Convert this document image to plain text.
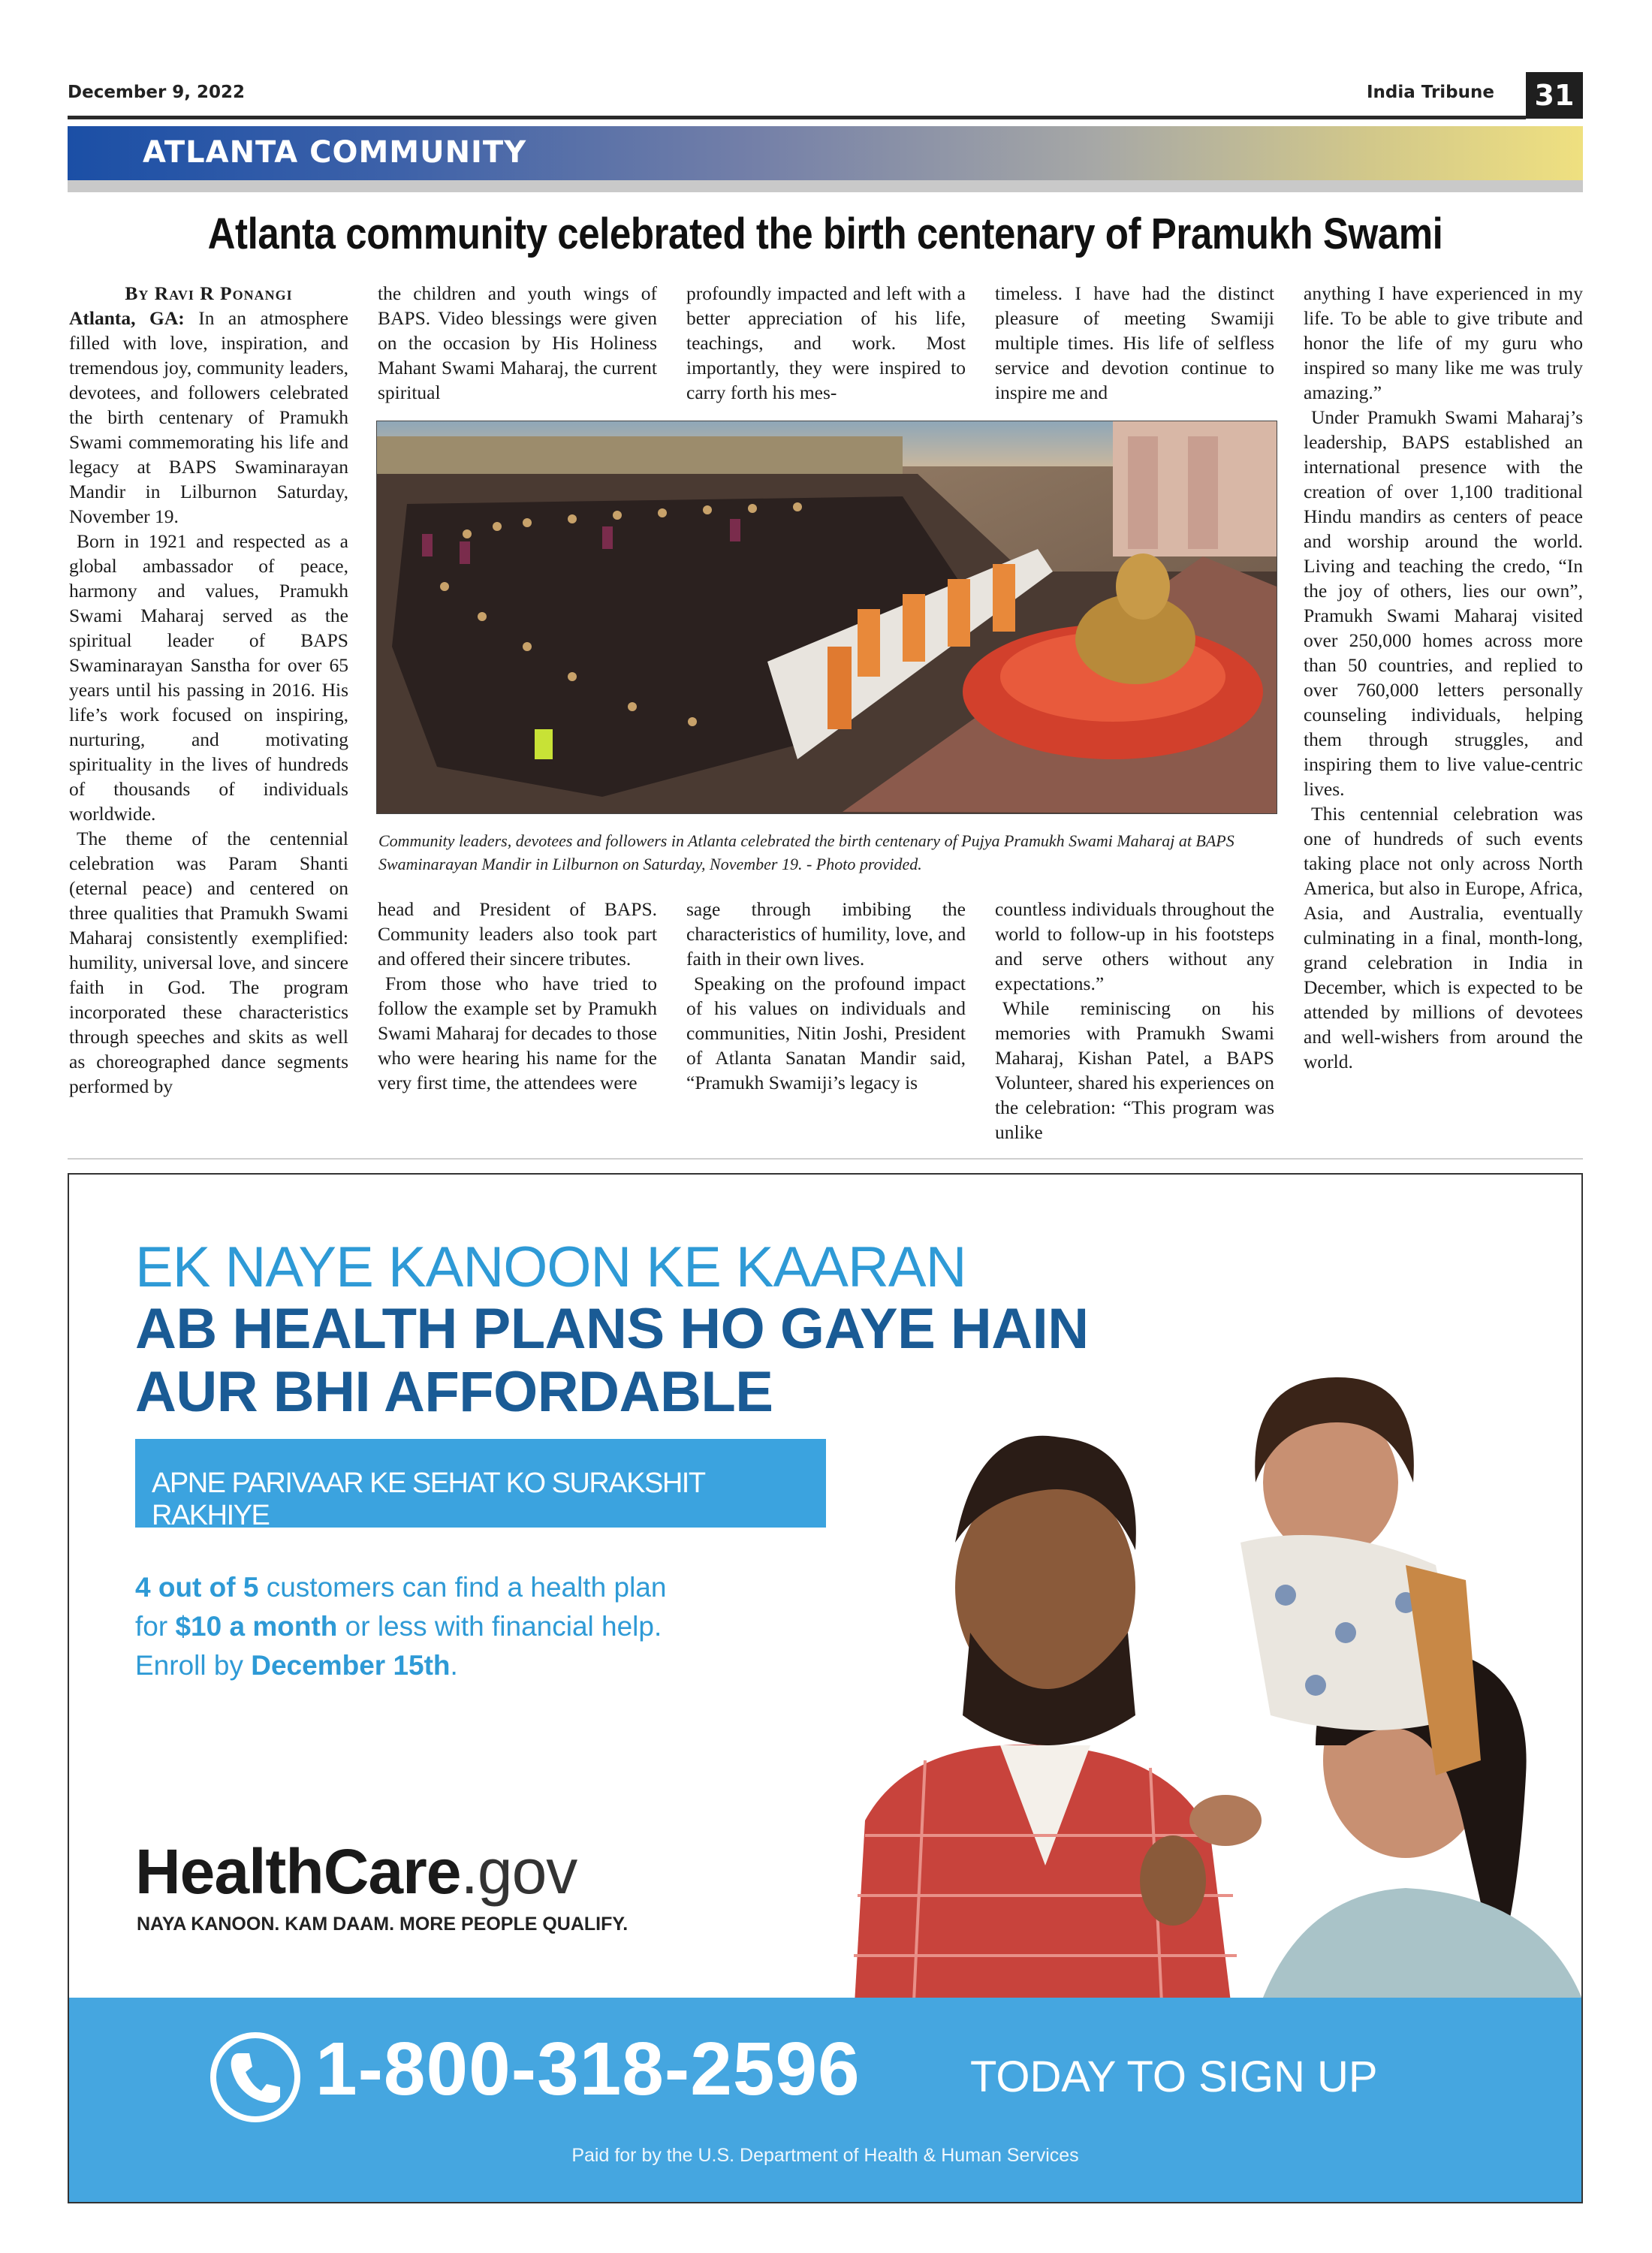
December 9, 2022	India Tribune	31
ATLANTA COMMUNITY
Atlanta community celebrated the birth centenary of Pramukh Swami
By Ravi R Ponangi

Atlanta, GA: In an atmosphere filled with love, inspiration, and tremendous joy, community leaders, devotees, and followers celebrated the birth centenary of Pramukh Swami commemorating his life and legacy at BAPS Swaminarayan Mandir in Lilburnon Saturday, November 19.

Born in 1921 and respected as a global ambassador of peace, harmony and values, Pramukh Swami Maharaj served as the spiritual leader of BAPS Swaminarayan Sanstha for over 65 years until his passing in 2016. His life’s work focused on inspiring, nurturing, and motivating spirituality in the lives of hundreds of thousands of individuals worldwide.

The theme of the centennial celebration was Param Shanti (eternal peace) and centered on three qualities that Pramukh Swami Maharaj consistently exemplified: humility, universal love, and sincere faith in God. The program incorporated these characteristics through speeches and skits as well as choreographed dance segments performed by

the children and youth wings of BAPS. Video blessings were given on the occasion by His Holiness Mahant Swami Maharaj, the current spiritual

profoundly impacted and left with a better appreciation of his life, teachings, and work. Most importantly, they were inspired to carry forth his mes-

timeless. I have had the distinct pleasure of meeting Swamiji multiple times. His life of selfless service and devotion continue to inspire me and

anything I have experienced in my life. To be able to give tribute and honor the life of my guru who inspired so many like me was truly amazing.”

Under Pramukh Swami Maharaj’s leadership, BAPS established an international presence with the creation of over 1,100 traditional Hindu mandirs as centers of peace and worship around the world. Living and teaching the credo, “In the joy of others, lies our own”, Pramukh Swami Maharaj visited over 250,000 homes across more than 50 countries, and replied to over 760,000 letters personally counseling individuals, helping them through struggles, and inspiring them to live value-centric lives.

This centennial celebration was one of hundreds of such events taking place not only across North America, but also in Europe, Africa, Asia, and Australia, eventually culminating in a final, month-long, grand celebration in India in December, which is expected to be attended by millions of devotees and well-wishers from around the world.

Community leaders, devotees and followers in Atlanta celebrated the birth centenary of Pujya Pramukh Swami Maharaj at BAPS Swaminarayan Mandir in Lilburnon on Saturday, November 19. - Photo provided.

head and President of BAPS. Community leaders also took part and offered their sincere tributes.

From those who have tried to follow the example set by Pramukh Swami Maharaj for decades to those who were hearing his name for the very first time, the attendees were

sage through imbibing the characteristics of humility, love, and faith in their own lives.

Speaking on the profound impact of his values on individuals and communities, Nitin Joshi, President of Atlanta Sanatan Mandir said, “Pramukh Swamiji’s legacy is

countless individuals throughout the world to follow-up in his footsteps and serve others without any expectations.”

While reminiscing on his memories with Pramukh Swami Maharaj, Kishan Patel, a BAPS Volunteer, shared his experiences on the celebration: “This program was unlike

EK NAYE KANOON KE KAARAN
AB HEALTH PLANS HO GAYE HAIN
AUR BHI AFFORDABLE
APNE PARIVAAR KE SEHAT KO SURAKSHIT RAKHIYE
4 out of 5 customers can find a health plan
for $10 a month or less with financial help.
Enroll by December 15th.
HealthCare.gov
NAYA KANOON. KAM DAAM. MORE PEOPLE QUALIFY.
1-800-318-2596	TODAY TO SIGN UP
Paid for by the U.S. Department of Health & Human Services
